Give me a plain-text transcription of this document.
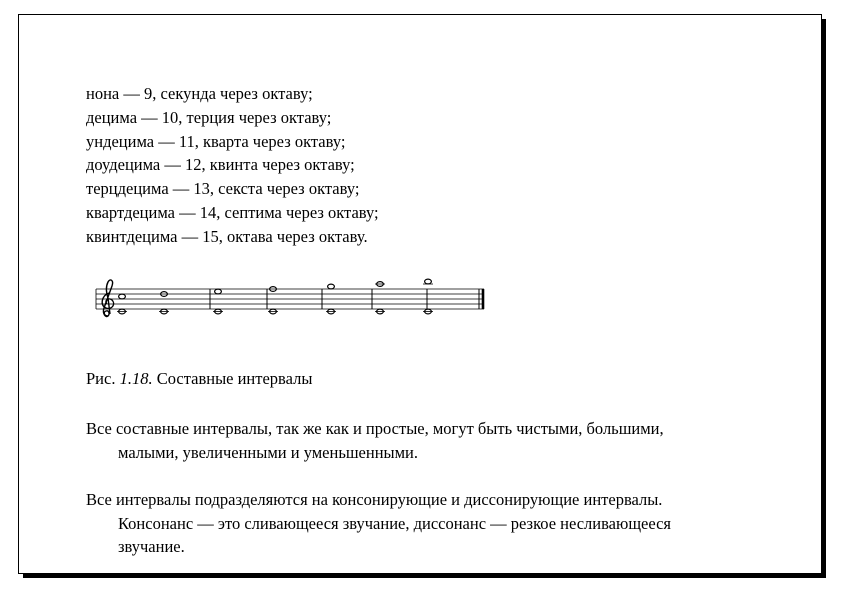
нона — 9, секунда через октаву;
децима — 10, терция через октаву;
ундецима — 11, кварта через октаву;
доудецима — 12, квинта через октаву;
терцдецима — 13, секста через октаву;
квартдецима — 14, септима через октаву;
квинтдецима — 15, октава через октаву.
Рис. 1.18. Составные интервалы

Все составные интервалы, так же как и простые, могут быть чистыми, большими,
малыми, увеличенными и уменьшенными.

Все интервалы подразделяются на консонирующие и диссонирующие интервалы.
Консонанс — это сливающееся звучание, диссонанс — резкое несливающееся
звучание.
